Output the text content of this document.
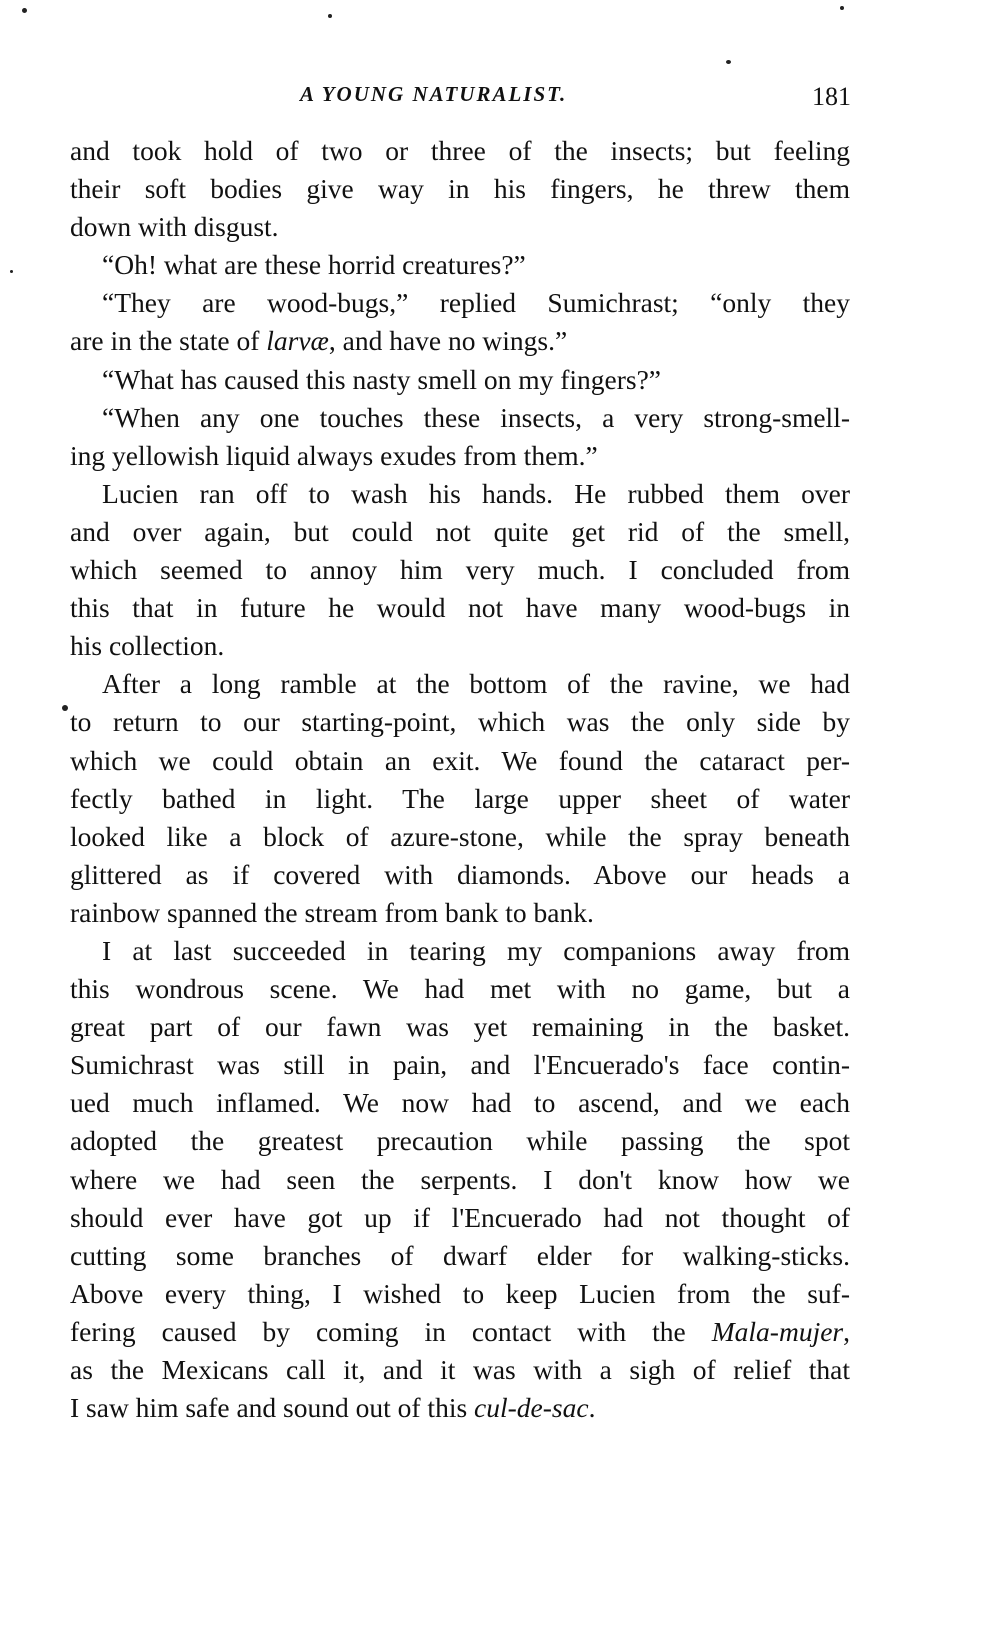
A YOUNG NATURALIST.	181
and took hold of two or three of the insects; but feeling
their soft bodies give way in his fingers, he threw them
down with disgust.
“Oh! what are these horrid creatures?”
“They are wood-bugs,” replied Sumichrast; “only they
are in the state of larvæ, and have no wings.”
“What has caused this nasty smell on my fingers?”
“When any one touches these insects, a very strong-smell-
ing yellowish liquid always exudes from them.”
Lucien ran off to wash his hands. He rubbed them over
and over again, but could not quite get rid of the smell,
which seemed to annoy him very much. I concluded from
this that in future he would not have many wood-bugs in
his collection.
After a long ramble at the bottom of the ravine, we had
to return to our starting-point, which was the only side by
which we could obtain an exit. We found the cataract per-
fectly bathed in light. The large upper sheet of water
looked like a block of azure-stone, while the spray beneath
glittered as if covered with diamonds. Above our heads a
rainbow spanned the stream from bank to bank.
I at last succeeded in tearing my companions away from
this wondrous scene. We had met with no game, but a
great part of our fawn was yet remaining in the basket.
Sumichrast was still in pain, and l'Encuerado's face contin-
ued much inflamed. We now had to ascend, and we each
adopted the greatest precaution while passing the spot
where we had seen the serpents. I don't know how we
should ever have got up if l'Encuerado had not thought of
cutting some branches of dwarf elder for walking-sticks.
Above every thing, I wished to keep Lucien from the suf-
fering caused by coming in contact with the Mala-mujer,
as the Mexicans call it, and it was with a sigh of relief that
I saw him safe and sound out of this cul-de-sac.
